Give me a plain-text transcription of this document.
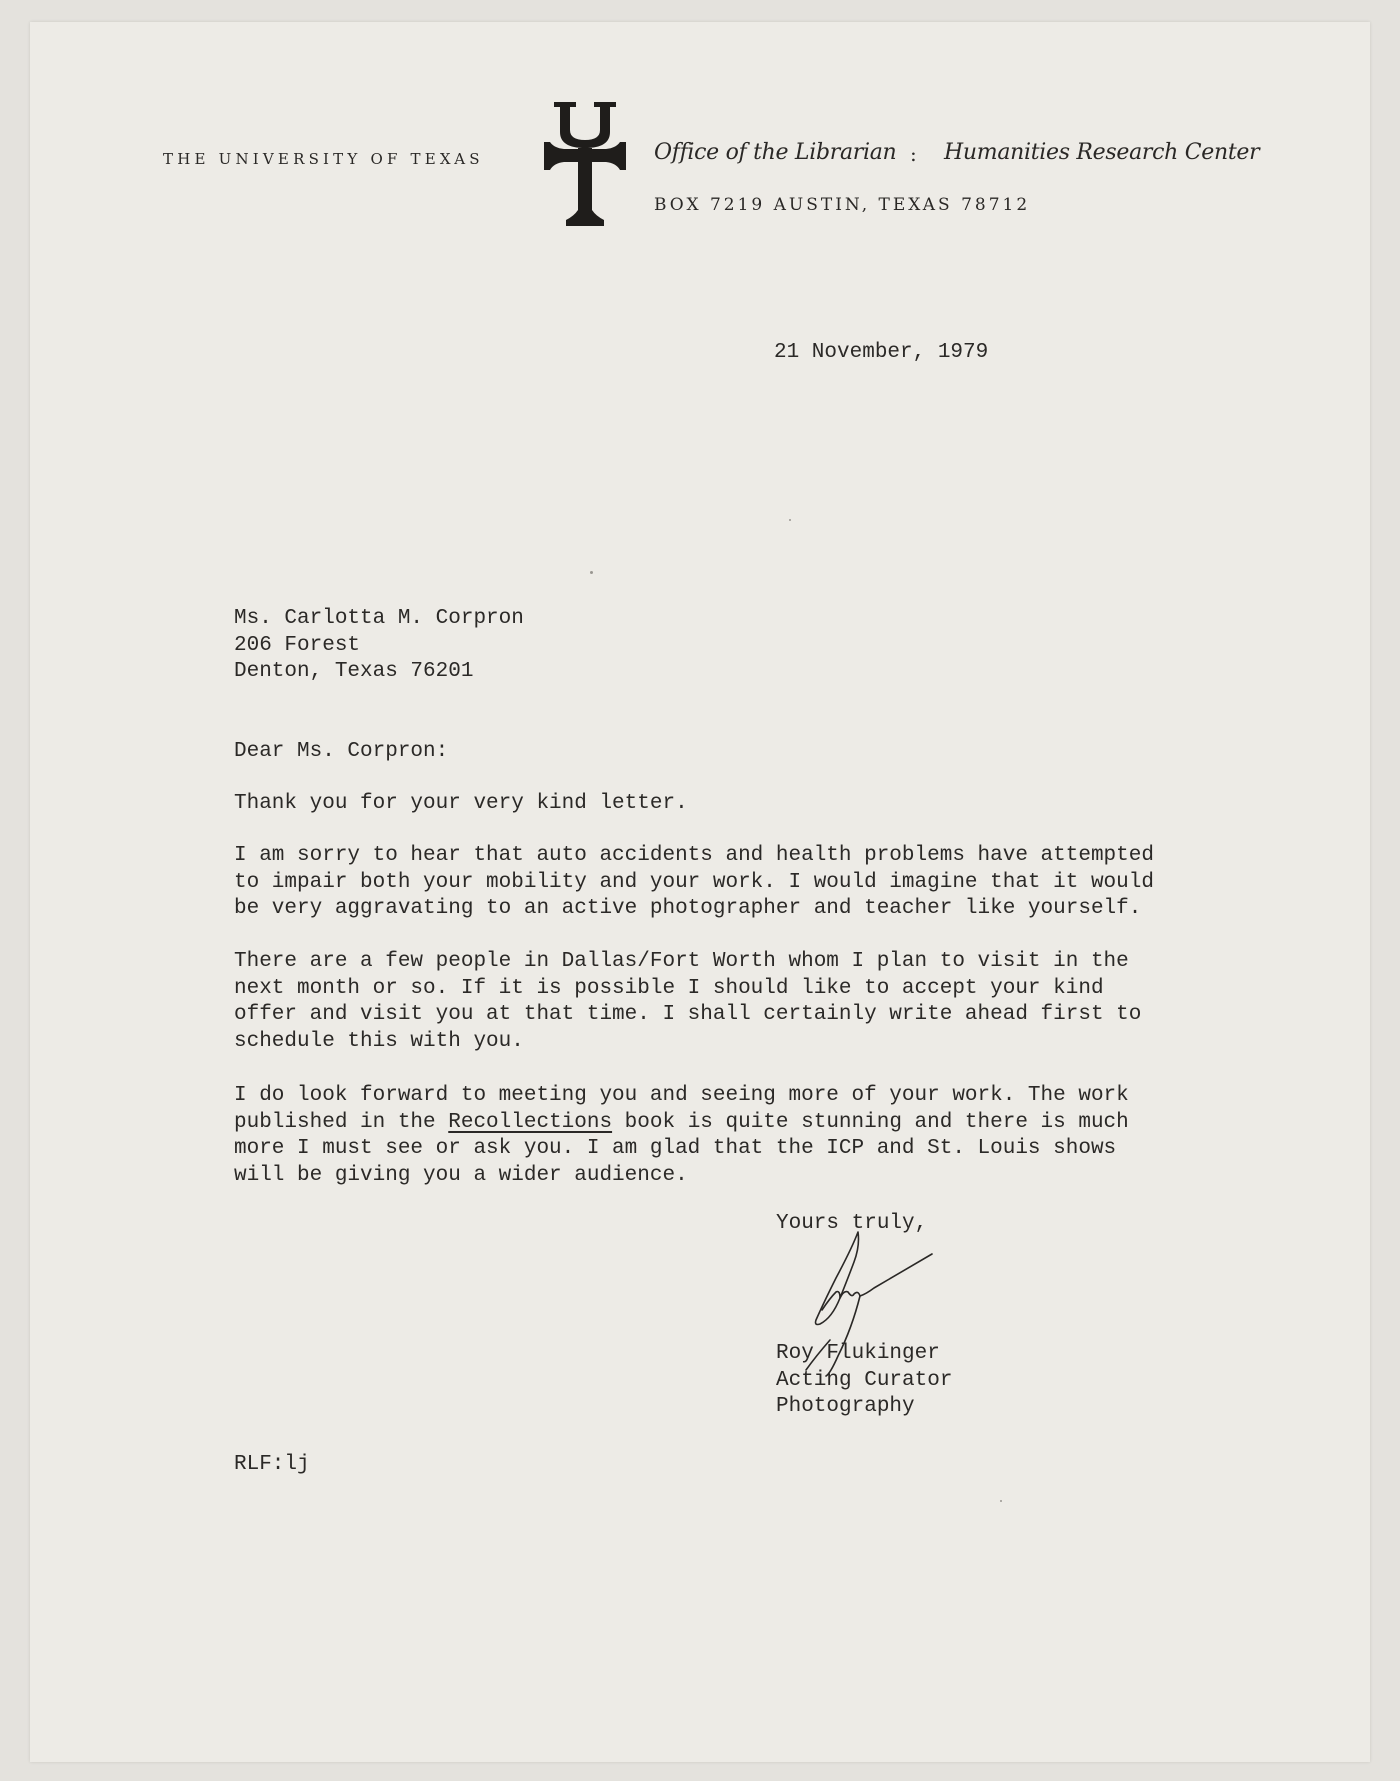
THE UNIVERSITY OF TEXAS	Office of the Librarian : Humanities Research Center
BOX 7219 AUSTIN, TEXAS 78712

21 November, 1979

Ms. Carlotta M. Corpron
206 Forest
Denton, Texas 76201

Dear Ms. Corpron:

Thank you for your very kind letter.
I am sorry to hear that auto accidents and health problems have attempted
to impair both your mobility and your work. I would imagine that it would
be very aggravating to an active photographer and teacher like yourself.
There are a few people in Dallas/Fort Worth whom I plan to visit in the
next month or so. If it is possible I should like to accept your kind
offer and visit you at that time. I shall certainly write ahead first to
schedule this with you.
I do look forward to meeting you and seeing more of your work. The work
published in the Recollections book is quite stunning and there is much
more I must see or ask you. I am glad that the ICP and St. Louis shows
will be giving you a wider audience.

Yours truly,

Roy Flukinger
Acting Curator
Photography

RLF:lj
